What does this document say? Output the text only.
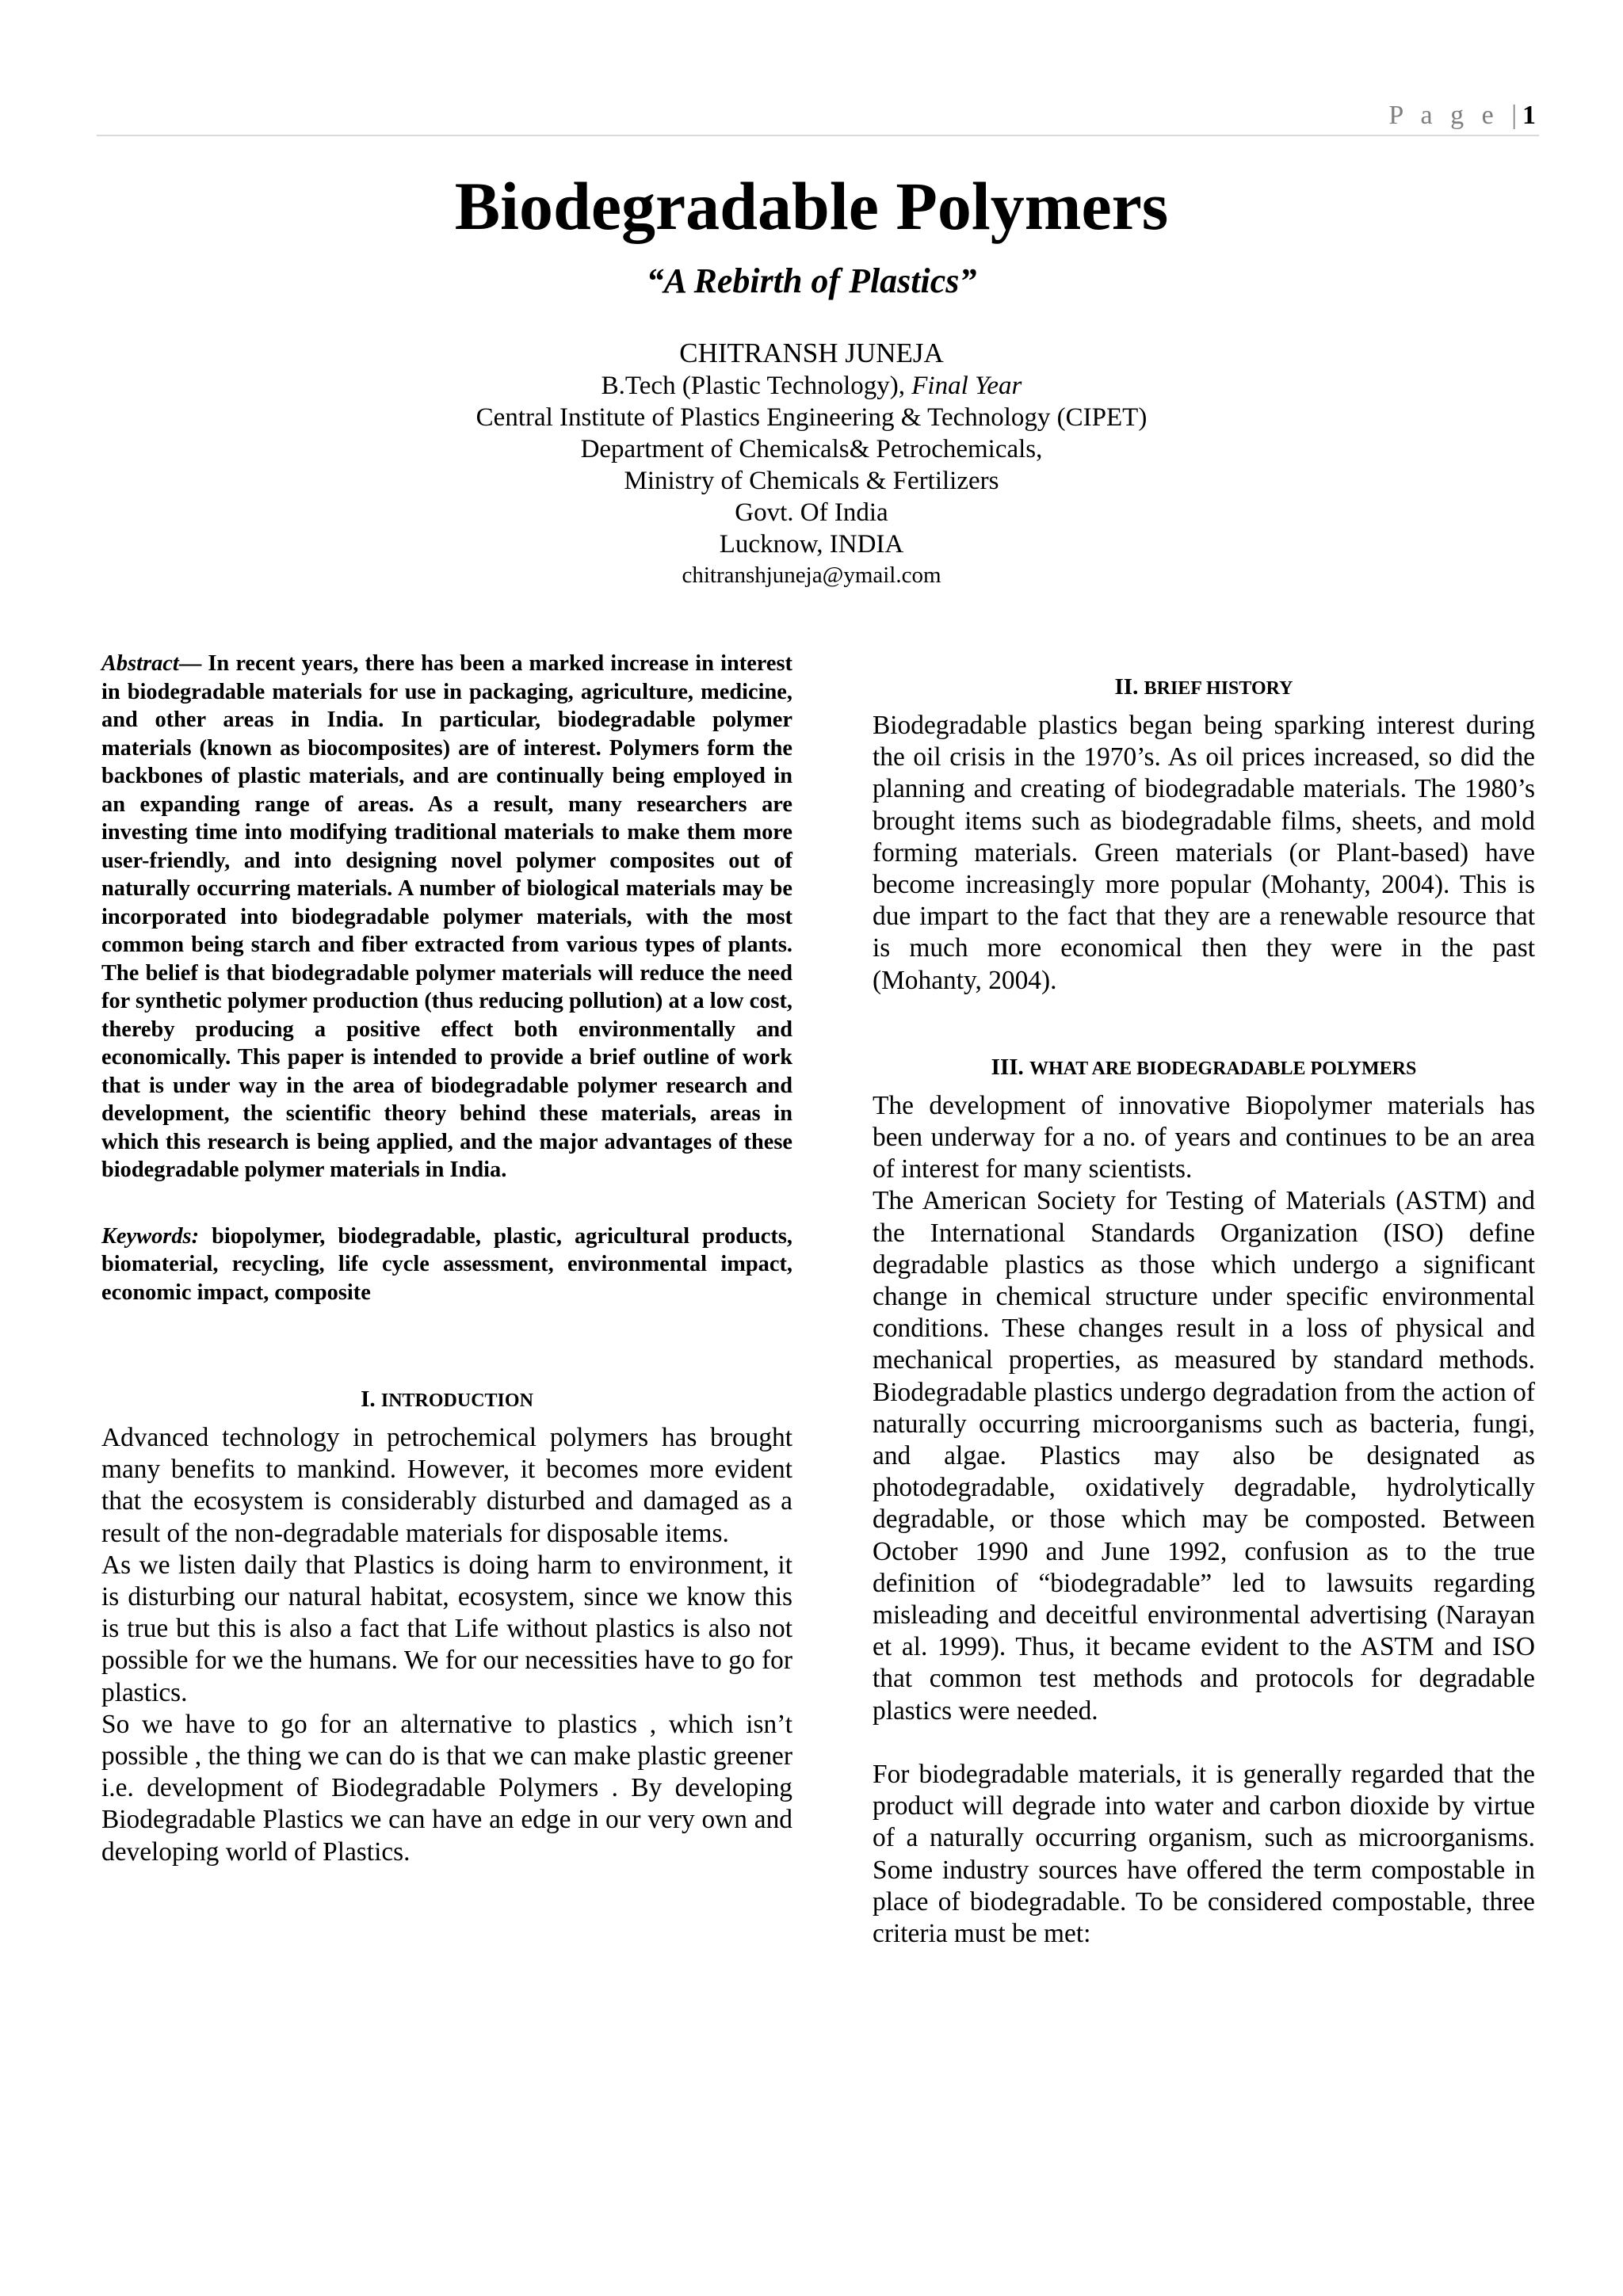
P a g e |1
Biodegradable Polymers
“A Rebirth of Plastics”
CHITRANSH JUNEJA
B.Tech (Plastic Technology), Final Year
Central Institute of Plastics Engineering & Technology (CIPET)
Department of Chemicals& Petrochemicals,
Ministry of Chemicals & Fertilizers
Govt. Of India
Lucknow, INDIA
chitranshjuneja@ymail.com

Abstract— In recent years, there has been a marked increase in interest in biodegradable materials for use in packaging, agriculture, medicine, and other areas in India. In particular, biodegradable polymer materials (known as biocomposites) are of interest. Polymers form the backbones of plastic materials, and are continually being employed in an expanding range of areas. As a result, many researchers are investing time into modifying traditional materials to make them more user-friendly, and into designing novel polymer composites out of naturally occurring materials. A number of biological materials may be incorporated into biodegradable polymer materials, with the most common being starch and fiber extracted from various types of plants. The belief is that biodegradable polymer materials will reduce the need for synthetic polymer production (thus reducing pollution) at a low cost, thereby producing a positive effect both environmentally and economically. This paper is intended to provide a brief outline of work that is under way in the area of biodegradable polymer research and development, the scientific theory behind these materials, areas in which this research is being applied, and the major advantages of these biodegradable polymer materials in India.

Keywords: biopolymer, biodegradable, plastic, agricultural products, biomaterial, recycling, life cycle assessment, environmental impact, economic impact, composite

I. INTRODUCTION

Advanced technology in petrochemical polymers has brought many benefits to mankind. However, it becomes more evident that the ecosystem is considerably disturbed and damaged as a result of the non-degradable materials for disposable items.

As we listen daily that Plastics is doing harm to environment, it is disturbing our natural habitat, ecosystem, since we know this is true but this is also a fact that Life without plastics is also not possible for we the humans. We for our necessities have to go for plastics.

So we have to go for an alternative to plastics , which isn’t possible , the thing we can do is that we can make plastic greener i.e. development of Biodegradable Polymers . By developing Biodegradable Plastics we can have an edge in our very own and developing world of Plastics.

II. BRIEF HISTORY

Biodegradable plastics began being sparking interest during the oil crisis in the 1970’s. As oil prices increased, so did the planning and creating of biodegradable materials. The 1980’s brought items such as biodegradable films, sheets, and mold forming materials. Green materials (or Plant-based) have become increasingly more popular (Mohanty, 2004). This is due impart to the fact that they are a renewable resource that is much more economical then they were in the past (Mohanty, 2004).

III. WHAT ARE BIODEGRADABLE POLYMERS

The development of innovative Biopolymer materials has been underway for a no. of years and continues to be an area of interest for many scientists.

The American Society for Testing of Materials (ASTM) and the International Standards Organization (ISO) define degradable plastics as those which undergo a significant change in chemical structure under specific environmental conditions. These changes result in a loss of physical and mechanical properties, as measured by standard methods. Biodegradable plastics undergo degradation from the action of naturally occurring microorganisms such as bacteria, fungi, and algae. Plastics may also be designated as photodegradable, oxidatively degradable, hydrolytically degradable, or those which may be composted. Between October 1990 and June 1992, confusion as to the true definition of “biodegradable” led to lawsuits regarding misleading and deceitful environmental advertising (Narayan et al. 1999). Thus, it became evident to the ASTM and ISO that common test methods and protocols for degradable plastics were needed.

For biodegradable materials, it is generally regarded that the product will degrade into water and carbon dioxide by virtue of a naturally occurring organism, such as microorganisms. Some industry sources have offered the term compostable in place of biodegradable. To be considered compostable, three criteria must be met:
